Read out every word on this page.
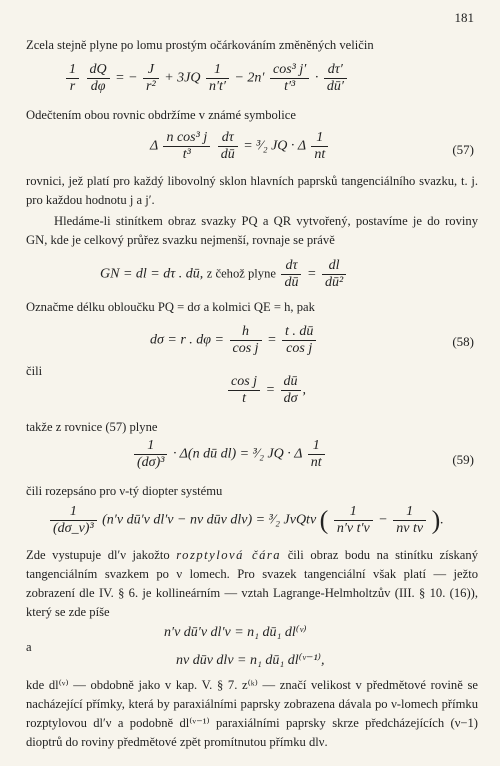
181
Zcela stejně plyne po lomu prostým očárkováním změněných veličin
$\frac{1}{r}$
$\frac{dQ}{d\varphi}$ = − $\frac{J}{\text{r²}} + 3JQ \frac{1}{n't'} - 2n' \frac{\text{cos³ j′}}{\text{t′³}} \cdot \frac{d\tau'}{dū'}$
Odečtením obou rovnic obdržíme v známé symbolice
Δ $\frac{\text{n cos³ j}}{\text{t³}}$
$\frac{d\tau}{dū}$ = ³⁄₂ JQ · Δ $\frac{1}{nt}$	(57)
rovnici, jež platí pro každý libovolný sklon hlavních paprsků tangenciálního svazku, t. j. pro každou hodnotu j a j′.
Hledáme-li stinítkem obraz svazky PQ a QR vytvořený, postavíme je do roviny GN, kde je celkový průřez svazku nejmenší, rovnaje se právě
GN = dl = dτ . dū, z čehož plyne $\frac{d\tau}{dū} = \frac{dl}{\text{dū²}}$
Označme délku obloučku PQ = dσ a kolmici QE = h, pak
dσ = r . $d\varphi = \frac{h}{\text{cos j}} = \frac{t . dū}{\text{cos j}}$	(58)
čili
$\frac{\text{cos j}}{t} = \frac{dū}{d\sigma}$ ,
takže z rovnice (57) plyne
$\frac{1}{\text{(dσ)³}} \cdot \Delta(n$ dū dl) = ³⁄₂ JQ · Δ $\frac{1}{nt}$	(59)
čili rozepsáno pro ν-tý diopter systému
$\frac{1}{\text{(dσ\_ν)³}} (n'\nu$ dū′ν dl′ν − nν dūν dlν) = ³⁄₂ JνQtν ( $\frac{1}{\text{n′ν t′ν}} - \frac{1}{\text{nν tν}}$ ).
Zde vystupuje dl′ν jakožto rozptylová čára čili obraz bodu na stinítku získaný tangenciálním svazkem po ν lomech. Pro svazek tangenciální však platí — ježto zobrazení dle IV. § 6. je kollineárním — vztah Lagrange-Helmholtzův (III. § 10. (16)), který se zde píše
n′ν dū′ν dl′ν = n₁ dū₁ dl⁽ᵛ⁾
a
nν dūν dlν = n₁ dū₁ dl⁽ᵛ⁻¹⁾,
kde dl⁽ᵛ⁾ — obdobně jako v kap. V. § 7. z⁽ᵏ⁾ — značí velikost v předmětové rovině se nacházející přímky, která by paraxiálními paprsky zobrazena dávala po ν-lomech přímku rozptylovou dl′ν a podobně dl⁽ᵛ⁻¹⁾ paraxiálními paprsky skrze předcházejících (ν−1) dioptrů do roviny předmětové zpět promítnutou přímku dlν.
